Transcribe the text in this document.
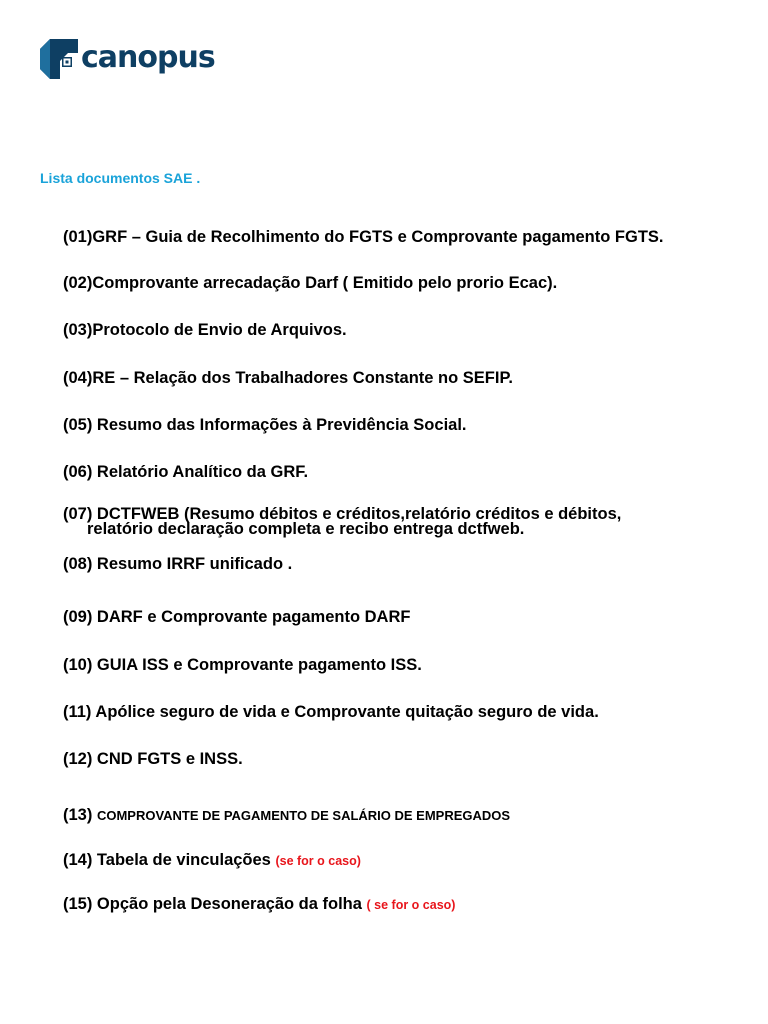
canopus
Lista documentos SAE .
(01)GRF – Guia de Recolhimento do FGTS e Comprovante pagamento FGTS.
(02)Comprovante arrecadação Darf ( Emitido pelo prorio Ecac).
(03)Protocolo de Envio de Arquivos.
(04)RE – Relação dos Trabalhadores Constante no SEFIP.
(05) Resumo das Informações à Previdência Social.
(06) Relatório Analítico da GRF.
(07) DCTFWEB (Resumo débitos e créditos,relatório créditos e débitos,
relatório declaração completa e recibo entrega dctfweb.
(08) Resumo IRRF unificado .
(09) DARF e Comprovante pagamento DARF
(10) GUIA ISS e Comprovante pagamento ISS.
(11) Apólice seguro de vida e Comprovante quitação seguro de vida.
(12) CND FGTS e INSS.
(13) COMPROVANTE DE PAGAMENTO DE SALÁRIO DE EMPREGADOS
(14) Tabela de vinculações (se for o caso)
(15) Opção pela Desoneração da folha ( se for o caso)
